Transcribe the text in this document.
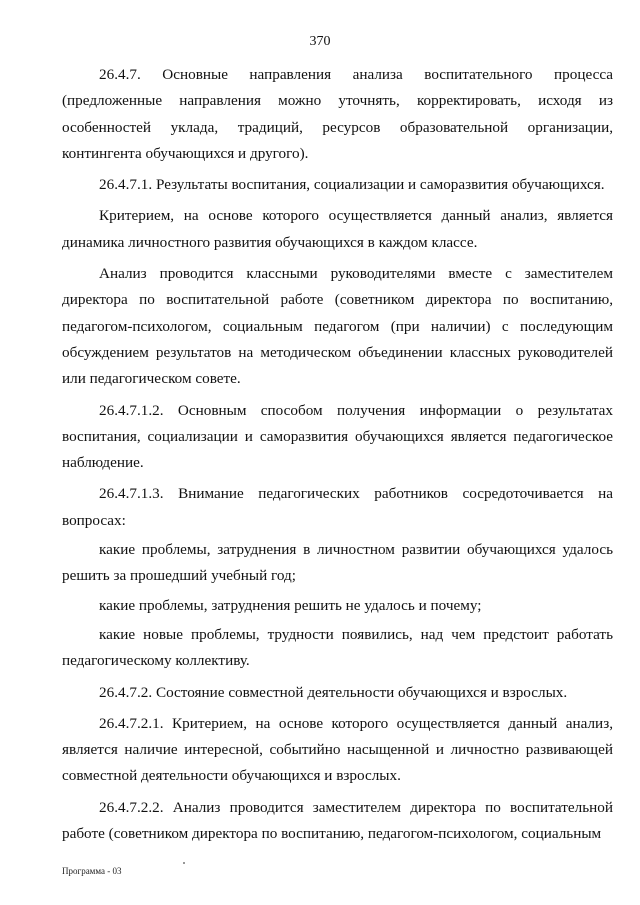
370

26.4.7. Основные направления анализа воспитательного процесса (предложенные направления можно уточнять, корректировать, исходя из особенностей уклада, традиций, ресурсов образовательной организации, контингента обучающихся и другого).

26.4.7.1. Результаты воспитания, социализации и саморазвития обучающихся.

Критерием, на основе которого осуществляется данный анализ, является динамика личностного развития обучающихся в каждом классе.

Анализ проводится классными руководителями вместе с заместителем директора по воспитательной работе (советником директора по воспитанию, педагогом-психологом, социальным педагогом (при наличии) с последующим обсуждением результатов на методическом объединении классных руководителей или педагогическом совете.

26.4.7.1.2. Основным способом получения информации о результатах воспитания, социализации и саморазвития обучающихся является педагогическое наблюдение.

26.4.7.1.3. Внимание педагогических работников сосредоточивается на вопросах:

какие проблемы, затруднения в личностном развитии обучающихся удалось решить за прошедший учебный год;

какие проблемы, затруднения решить не удалось и почему;

какие новые проблемы, трудности появились, над чем предстоит работать педагогическому коллективу.

26.4.7.2. Состояние совместной деятельности обучающихся и взрослых.

26.4.7.2.1. Критерием, на основе которого осуществляется данный анализ, является наличие интересной, событийно насыщенной и личностно развивающей совместной деятельности обучающихся и взрослых.

26.4.7.2.2. Анализ проводится заместителем директора по воспитательной работе (советником директора по воспитанию, педагогом-психологом, социальным

Программа - 03
